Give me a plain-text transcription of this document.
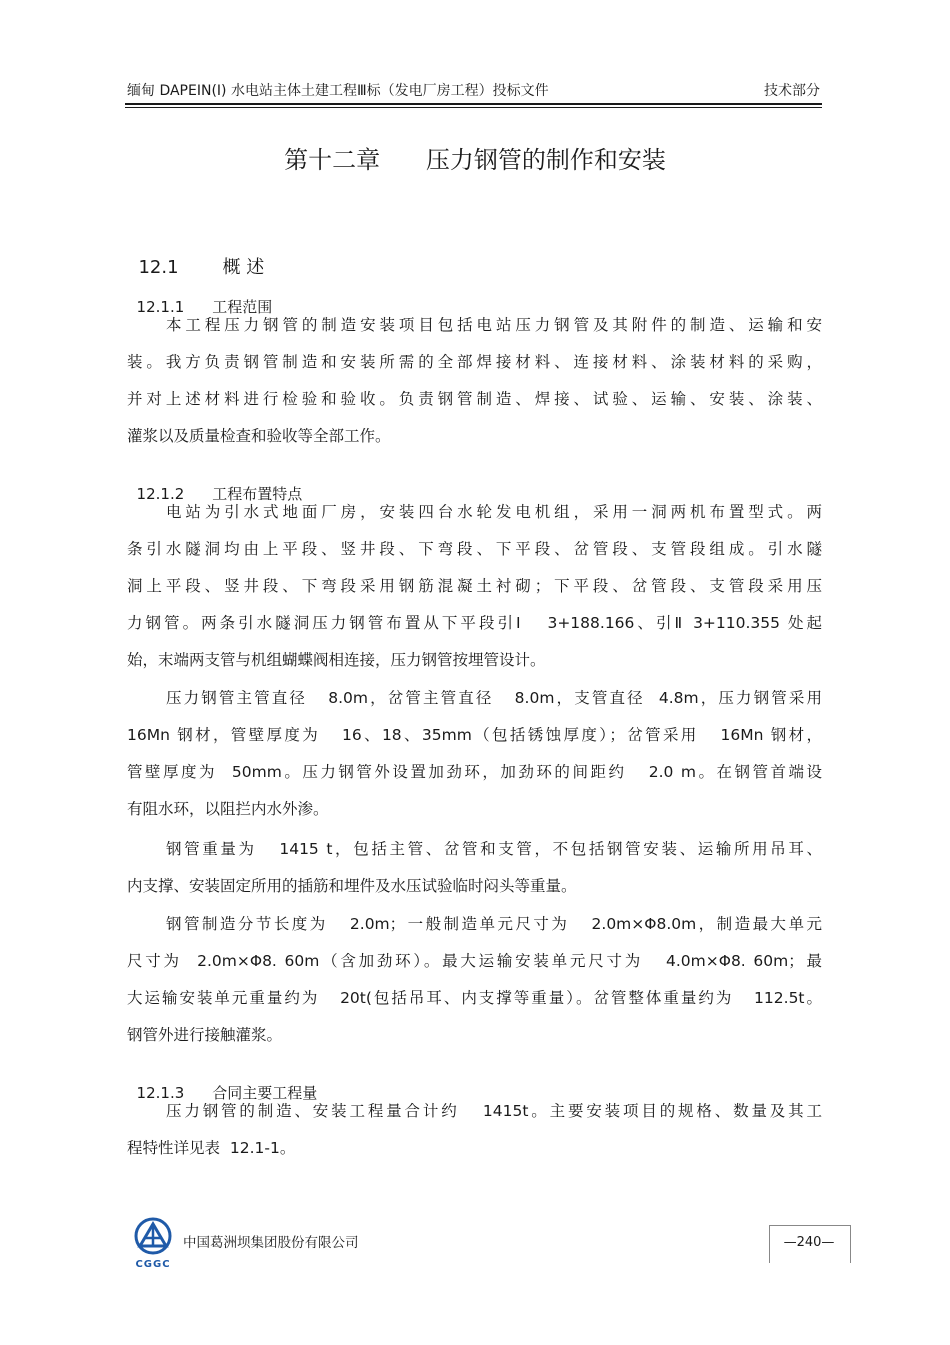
缅甸 DAPEIN(Ⅰ) 水电站主体土建工程Ⅲ标（发电厂房工程）投标文件	技术部分
第十二章      压力钢管的制作和安装

12.1 概 述

12.1.1 工程范围

本工程压力钢管的制造安装项目包括电站压力钢管及其附件的制造、运输和安
装。我方负责钢管制造和安装所需的全部焊接材料、连接材料、涂装材料的采购，
并对上述材料进行检验和验收。负责钢管制造、焊接、试验、运输、安装、涂装、
灌浆以及质量检查和验收等全部工作。

12.1.2 工程布置特点

电站为引水式地面厂房，安装四台水轮发电机组，采用一洞两机布置型式。两
条引水隧洞均由上平段、竖井段、下弯段、下平段、岔管段、支管段组成。引水隧
洞上平段、竖井段、下弯段采用钢筋混凝土衬砌；下平段、岔管段、支管段采用压
力钢管。两条引水隧洞压力钢管布置从下平段引Ⅰ   3+188.166、引Ⅱ 3+110.355 处起
始，末端两支管与机组蝴蝶阀相连接，压力钢管按埋管设计。
压力钢管主管直径   8.0m，岔管主管直径   8.0m，支管直径  4.8m，压力钢管采用
16Mn 钢材，管壁厚度为   16、18、35mm（包括锈蚀厚度）；岔管采用   16Mn 钢材，
管壁厚度为  50mm。压力钢管外设置加劲环，加劲环的间距约   2.0 m。在钢管首端设
有阻水环，以阻拦内水外渗。
钢管重量为   1415 t，包括主管、岔管和支管，不包括钢管安装、运输所用吊耳、
内支撑、安装固定所用的插筋和埋件及水压试验临时闷头等重量。
钢管制造分节长度为   2.0m；一般制造单元尺寸为   2.0m×Φ8.0m，制造最大单元
尺寸为  2.0m×Φ8. 60m（含加劲环）。最大运输安装单元尺寸为   4.0m×Φ8. 60m；最
大运输安装单元重量约为   20t(包括吊耳、内支撑等重量）。岔管整体重量约为   112.5t。
钢管外进行接触灌浆。

12.1.3 合同主要工程量

压力钢管的制造、安装工程量合计约   1415t。主要安装项目的规格、数量及其工
程特性详见表  12.1-1。
CGGC
中国葛洲坝集团股份有限公司	—240—
